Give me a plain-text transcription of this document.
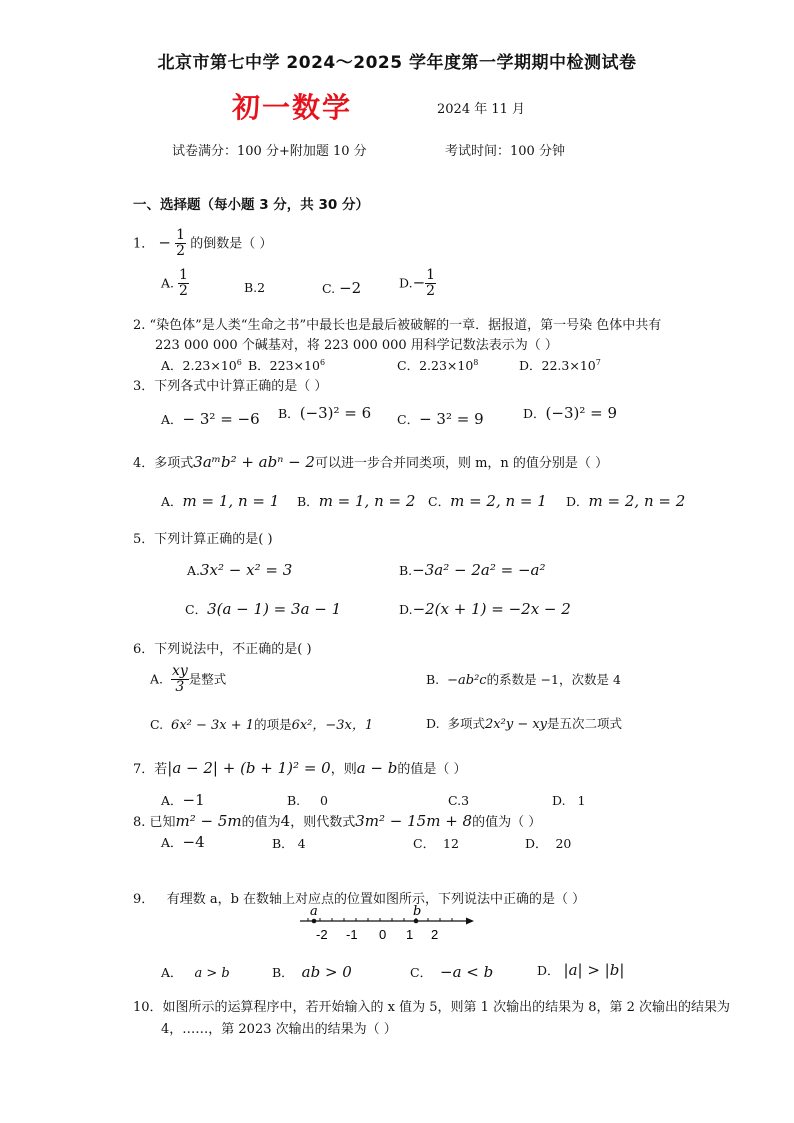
北京市第七中学 2024～2025 学年度第一学期期中检测试卷
初一数学	2024 年 11 月
试卷满分：100 分+附加题 10 分	考试时间：100 分钟
一、选择题（每小题 3 分，共 30 分）
1． − $\frac{1}{2}$ 的倒数是（ ）
A. $\frac{1}{2}$	B.2	C. −2	$D.- \frac{1}{2}$
2. “染色体”是人类“生命之书”中最长也是最后被破解的一章．据报道，第一号染 色体中共有
223 000 000 个碱基对，将 223 000 000 用科学记数法表示为（ ）
A．$2.23\times 10^6$ B．$223\times 10^6$	C．$2.23\times 10^8$	D．$22.3\times 10^7$
3．下列各式中计算正确的是（ ）
A．− 3² = −6 B．(−3)² = 6 C．− 3² = 9	D．(−3)² = 9
4．多项式3aᵐb² + abⁿ − 2可以进一步合并同类项，则 m，n 的值分别是（ ）
A．m = 1, n = 1 B．m = 1, n = 2 C．m = 2, n = 1 D．m = 2, n = 2
5．下列计算正确的是( )
A.3x² − x² = 3	B.−3a² − 2a² = −a²
C．3(a − 1) = 3a − 1	D.−2(x + 1) = −2x − 2
6．下列说法中，不正确的是( )
A. $\frac{xy}{3}$ 是整式	B. −ab²c的系数是 −1，次数是 4
C. 6x² − 3x + 1的项是6x²，−3x，1	D. 多项式2x²y − xy是五次二项式
7．若|a − 2| + (b + 1)² = 0，则a − b的值是（ ）
A．−1	B. 0	C.3	D. 1
8. 已知m² − 5m的值为4，则代数式3m² − 15m + 8的值为（ ）
A．−4	B． 4	C． 12	D． 20
9． 有理数 a，b 在数轴上对应点的位置如图所示，下列说法中正确的是（ ）
a	b
-2 -1 0 1 2
A． a > b	B． ab > 0	C． −a < b	D． |a| > |b|
10．如图所示的运算程序中，若开始输入的 x 值为 5，则第 1 次输出的结果为 8，第 2 次输出的结果为
4，……，第 2023 次输出的结果为（ ）
